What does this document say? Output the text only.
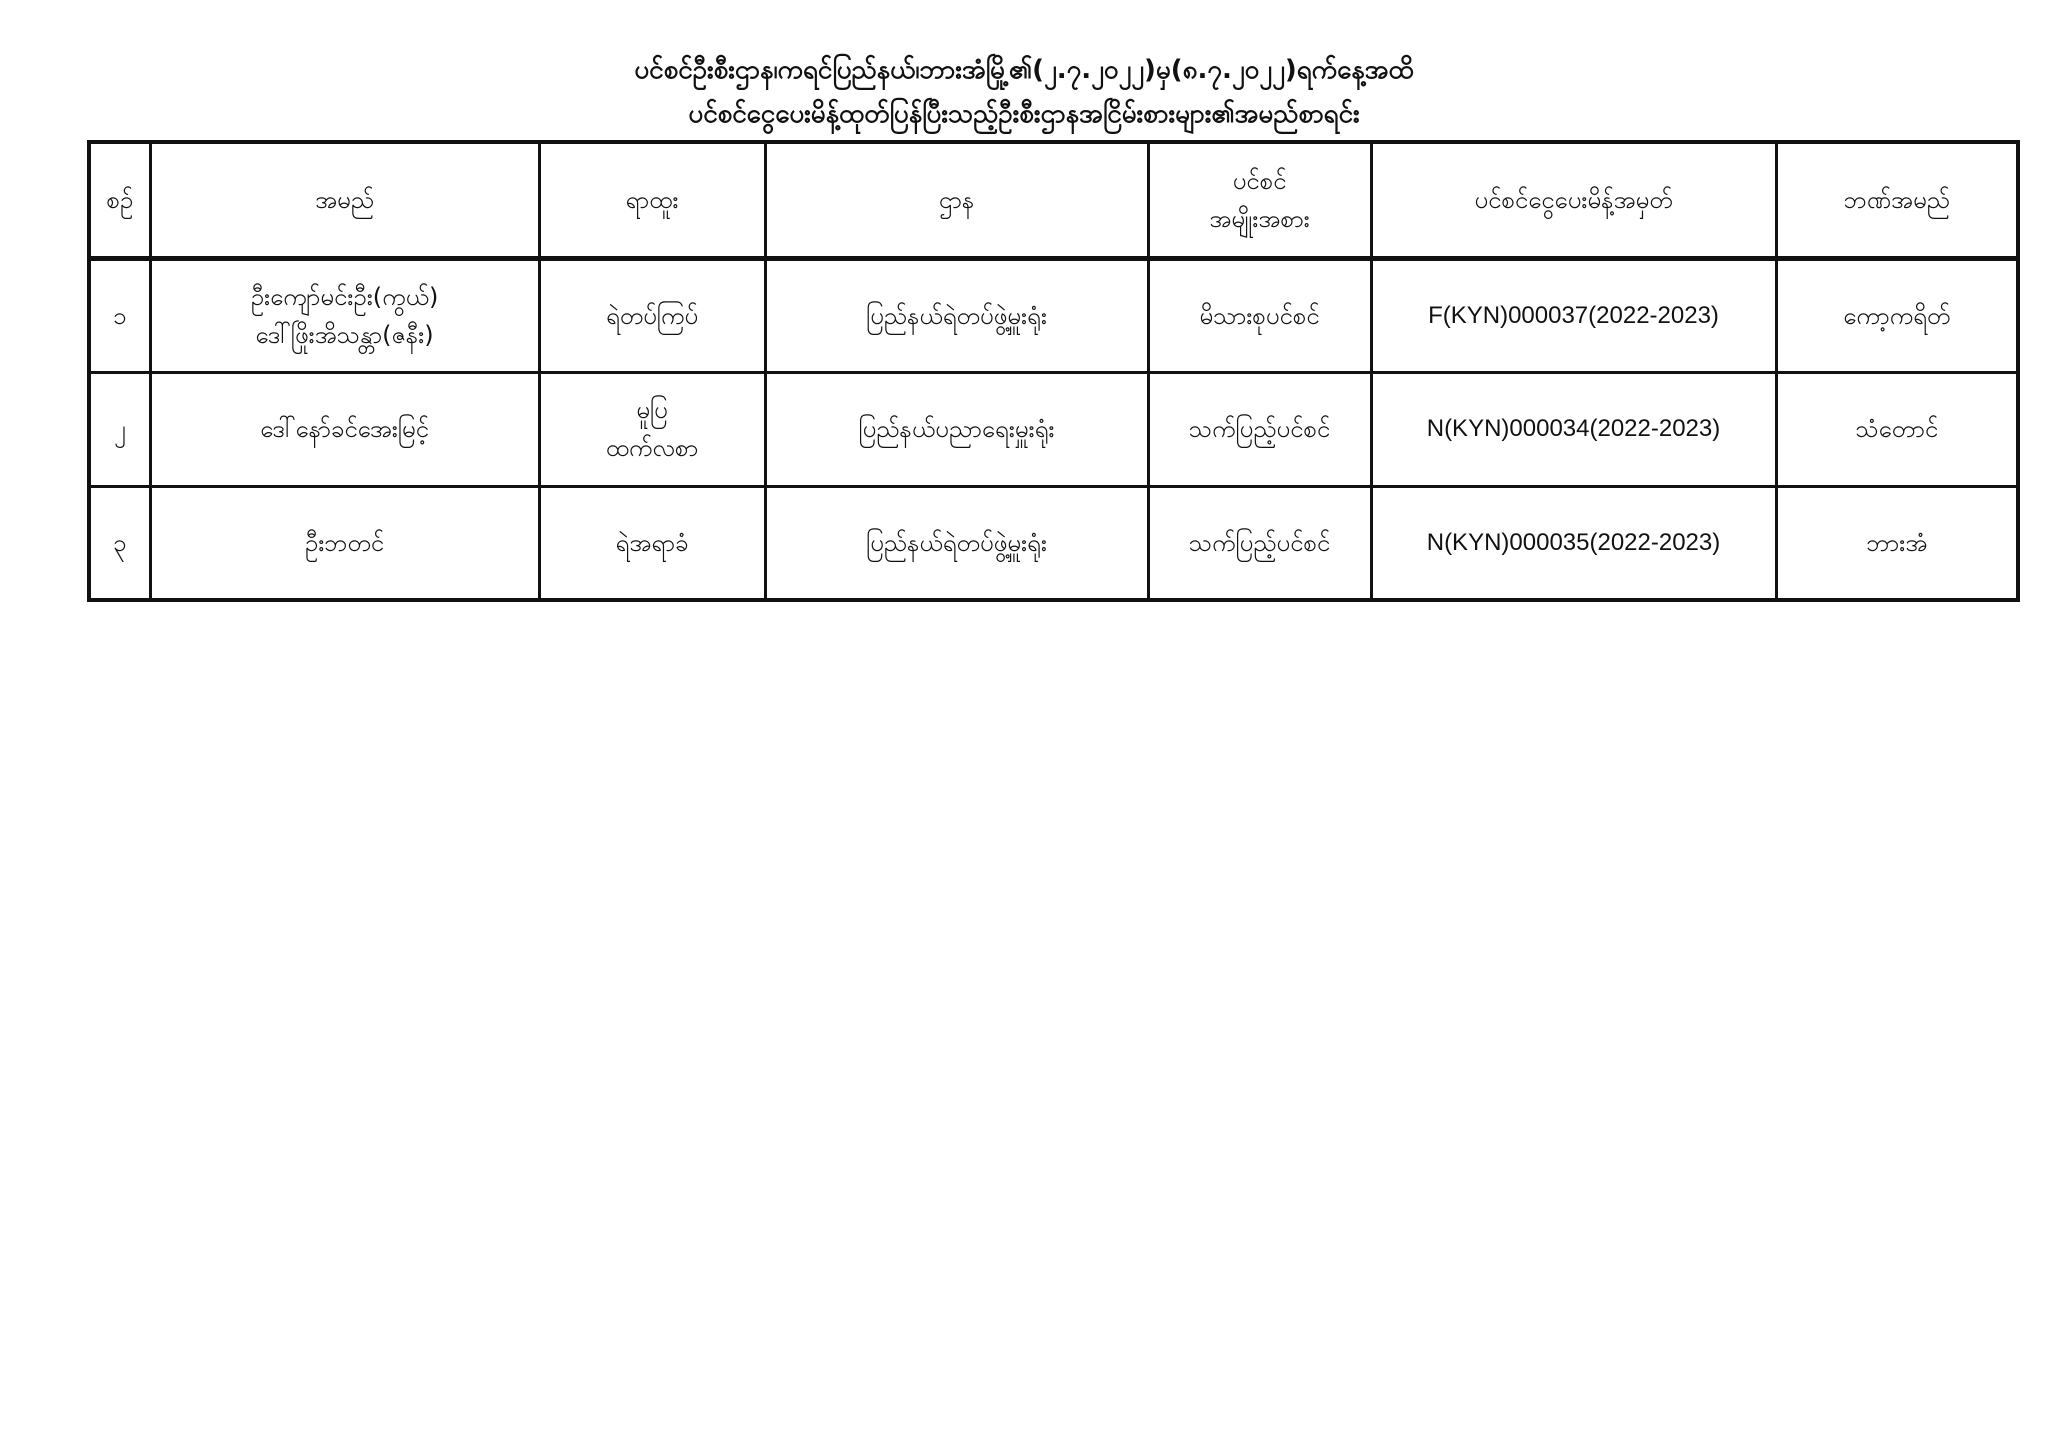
ပင်စင်ဦးစီးဌာန၊ကရင်ပြည်နယ်၊ဘားအံမြို့၏(၂.၇.၂၀၂၂)မှ(၈.၇.၂၀၂၂)ရက်နေ့အထိ
ပင်စင်ငွေပေးမိန့်ထုတ်ပြန်ပြီးသည့်ဦးစီးဌာနအငြိမ်းစားများ၏အမည်စာရင်း
စဉ်	အမည်	ရာထူး	ဌာန	ပင်စင်
အမျိုးအစား	ပင်စင်ငွေပေးမိန့်အမှတ်	ဘဏ်အမည်
၁	ဦးကျော်မင်းဦး(ကွယ်)
ဒေါ်ဖြိုးအိသန္တာ(ဇနီး)	ရဲတပ်ကြပ်	ပြည်နယ်ရဲတပ်ဖွဲ့မှူးရုံး	မိသားစုပင်စင်	F(KYN)000037(2022-2023)	ကော့ကရိတ်
၂	ဒေါ်နော်ခင်အေးမြင့်	မူပြ
ထက်လစာ	ပြည်နယ်ပညာရေးမှူးရုံး	သက်ပြည့်ပင်စင်	N(KYN)000034(2022-2023)	သံတောင်
၃	ဦးဘတင်	ရဲအရာခံ	ပြည်နယ်ရဲတပ်ဖွဲ့မှူးရုံး	သက်ပြည့်ပင်စင်	N(KYN)000035(2022-2023)	ဘားအံ
